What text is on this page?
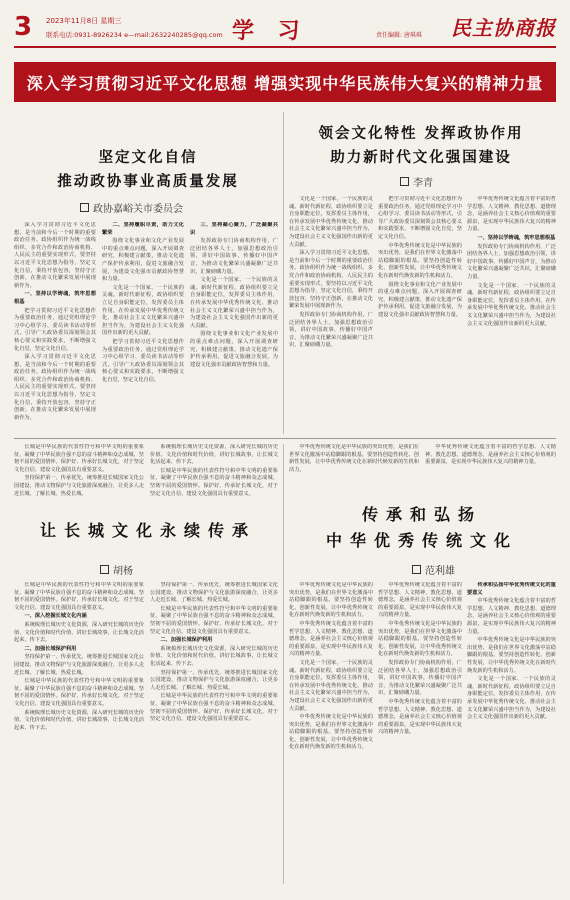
3 2023年11月8日 星期三
联系电话:0931-8926234 e—mail:2632240285@qq.com 学 习	责任编辑: 唐琪琪 民主协商报
深入学习贯彻习近平文化思想 增强实现中华民族伟大复兴的精神力量
坚定文化自信
推动政协事业高质量发展
政协嘉峪关市委员会
领会文化特性 发挥政协作用
助力新时代文化强国建设
李青

深入学习贯彻习近平文化思想，是当前和今后一个时期的重要政治任务。政协组织作为统一战线组织、多党合作和政治协商机构、人民民主的重要实现形式，要坚持以习近平文化思想为指导，坚定文化自信，秉持开放包容，坚持守正创新，在推动文化繁荣发展中展现新作为。

一、坚持以学铸魂，筑牢思想根基

把学习贯彻习近平文化思想作为重要政治任务，通过党组理论学习中心组学习、委员读书活动等形式，引导广大政协委员深刻领会其核心要义和实践要求，不断增强文化自觉，坚定文化自信。

深入学习贯彻习近平文化思想，是当前和今后一个时期的重要政治任务。政协组织作为统一战线组织、多党合作和政治协商机构、人民民主的重要实现形式，要坚持以习近平文化思想为指导，坚定文化自信，秉持开放包容，坚持守正创新，在推动文化繁荣发展中展现新作为。

二、坚持履职尽责，助力文化繁荣

围绕文化事业和文化产业发展中的重点难点问题，深入开展调查研究，积极建言献策，推动文化遗产保护传承利用，促进文旅融合发展，为建设文化强市贡献政协智慧和力量。

文化是一个国家、一个民族的灵魂。新时代新征程，政协组织要立足自身职能定位，发挥委员主体作用，在传承发展中华优秀传统文化、推动社会主义文化繁荣兴盛中担当作为，为建设社会主义文化强国作出新的更大贡献。

把学习贯彻习近平文化思想作为重要政治任务，通过党组理论学习中心组学习、委员读书活动等形式，引导广大政协委员深刻领会其核心要义和实践要求，不断增强文化自觉，坚定文化自信。

三、坚持凝心聚力，广泛凝聚共识

发挥政协专门协商机构作用，广泛团结各界人士，加强思想政治引领，讲好中国故事，传播好中国声音，为推动文化繁荣兴盛凝聚广泛共识，汇聚磅礴力量。

文化是一个国家、一个民族的灵魂。新时代新征程，政协组织要立足自身职能定位，发挥委员主体作用，在传承发展中华优秀传统文化、推动社会主义文化繁荣兴盛中担当作为，为建设社会主义文化强国作出新的更大贡献。

围绕文化事业和文化产业发展中的重点难点问题，深入开展调查研究，积极建言献策，推动文化遗产保护传承利用，促进文旅融合发展，为建设文化强市贡献政协智慧和力量。

文化是一个国家、一个民族的灵魂。新时代新征程，政协组织要立足自身职能定位，发挥委员主体作用，在传承发展中华优秀传统文化、推动社会主义文化繁荣兴盛中担当作为，为建设社会主义文化强国作出新的更大贡献。

深入学习贯彻习近平文化思想，是当前和今后一个时期的重要政治任务。政协组织作为统一战线组织、多党合作和政治协商机构、人民民主的重要实现形式，要坚持以习近平文化思想为指导，坚定文化自信，秉持开放包容，坚持守正创新，在推动文化繁荣发展中展现新作为。

发挥政协专门协商机构作用，广泛团结各界人士，加强思想政治引领，讲好中国故事，传播好中国声音，为推动文化繁荣兴盛凝聚广泛共识，汇聚磅礴力量。

把学习贯彻习近平文化思想作为重要政治任务，通过党组理论学习中心组学习、委员读书活动等形式，引导广大政协委员深刻领会其核心要义和实践要求，不断增强文化自觉，坚定文化自信。

中华优秀传统文化是中华民族的突出优势，是我们在世界文化激荡中站稳脚跟的根基。要坚持创造性转化、创新性发展，让中华优秀传统文化在新时代焕发新的生机和活力。

围绕文化事业和文化产业发展中的重点难点问题，深入开展调查研究，积极建言献策，推动文化遗产保护传承利用，促进文旅融合发展，为建设文化强市贡献政协智慧和力量。

中华优秀传统文化蕴含着丰富的哲学思想、人文精神、教化思想、道德理念，是涵养社会主义核心价值观的重要源泉，是实现中华民族伟大复兴的精神力量。

一、坚持以学铸魂，筑牢思想根基

发挥政协专门协商机构作用，广泛团结各界人士，加强思想政治引领，讲好中国故事，传播好中国声音，为推动文化繁荣兴盛凝聚广泛共识，汇聚磅礴力量。

文化是一个国家、一个民族的灵魂。新时代新征程，政协组织要立足自身职能定位，发挥委员主体作用，在传承发展中华优秀传统文化、推动社会主义文化繁荣兴盛中担当作为，为建设社会主义文化强国作出新的更大贡献。

让长城文化永续传承
胡杨

长城是中华民族的代表性符号和中华文明的重要象征，凝聚了中华民族自强不息的奋斗精神和众志成城、坚韧不屈的爱国情怀。保护好、传承好长城文化，对于坚定文化自信、建设文化强国具有重要意义。

坚持保护第一、传承优先，统筹推进长城国家文化公园建设，推动文物保护与文化旅游深度融合，让更多人走近长城、了解长城、热爱长城。

系统梳理长城历史文化资源，深入研究长城的历史价值、文化价值和时代价值，讲好长城故事，让长城文化活起来、传下去。

长城是中华民族的代表性符号和中华文明的重要象征，凝聚了中华民族自强不息的奋斗精神和众志成城、坚韧不屈的爱国情怀。保护好、传承好长城文化，对于坚定文化自信、建设文化强国具有重要意义。

长城是中华民族的代表性符号和中华文明的重要象征，凝聚了中华民族自强不息的奋斗精神和众志成城、坚韧不屈的爱国情怀。保护好、传承好长城文化，对于坚定文化自信、建设文化强国具有重要意义。

一、深入挖掘长城文化内涵

系统梳理长城历史文化资源，深入研究长城的历史价值、文化价值和时代价值，讲好长城故事，让长城文化活起来、传下去。

二、加强长城保护利用

坚持保护第一、传承优先，统筹推进长城国家文化公园建设，推动文物保护与文化旅游深度融合，让更多人走近长城、了解长城、热爱长城。

长城是中华民族的代表性符号和中华文明的重要象征，凝聚了中华民族自强不息的奋斗精神和众志成城、坚韧不屈的爱国情怀。保护好、传承好长城文化，对于坚定文化自信、建设文化强国具有重要意义。

系统梳理长城历史文化资源，深入研究长城的历史价值、文化价值和时代价值，讲好长城故事，让长城文化活起来、传下去。

坚持保护第一、传承优先，统筹推进长城国家文化公园建设，推动文物保护与文化旅游深度融合，让更多人走近长城、了解长城、热爱长城。

长城是中华民族的代表性符号和中华文明的重要象征，凝聚了中华民族自强不息的奋斗精神和众志成城、坚韧不屈的爱国情怀。保护好、传承好长城文化，对于坚定文化自信、建设文化强国具有重要意义。

二、加强长城保护利用

系统梳理长城历史文化资源，深入研究长城的历史价值、文化价值和时代价值，讲好长城故事，让长城文化活起来、传下去。

坚持保护第一、传承优先，统筹推进长城国家文化公园建设，推动文物保护与文化旅游深度融合，让更多人走近长城、了解长城、热爱长城。

长城是中华民族的代表性符号和中华文明的重要象征，凝聚了中华民族自强不息的奋斗精神和众志成城、坚韧不屈的爱国情怀。保护好、传承好长城文化，对于坚定文化自信、建设文化强国具有重要意义。

传承和弘扬
中华优秀传统文化
范利雄

中华优秀传统文化是中华民族的突出优势，是我们在世界文化激荡中站稳脚跟的根基。要坚持创造性转化、创新性发展，让中华优秀传统文化在新时代焕发新的生机和活力。

中华优秀传统文化蕴含着丰富的哲学思想、人文精神、教化思想、道德理念，是涵养社会主义核心价值观的重要源泉，是实现中华民族伟大复兴的精神力量。

中华优秀传统文化是中华民族的突出优势，是我们在世界文化激荡中站稳脚跟的根基。要坚持创造性转化、创新性发展，让中华优秀传统文化在新时代焕发新的生机和活力。

中华优秀传统文化蕴含着丰富的哲学思想、人文精神、教化思想、道德理念，是涵养社会主义核心价值观的重要源泉，是实现中华民族伟大复兴的精神力量。

文化是一个国家、一个民族的灵魂。新时代新征程，政协组织要立足自身职能定位，发挥委员主体作用，在传承发展中华优秀传统文化、推动社会主义文化繁荣兴盛中担当作为，为建设社会主义文化强国作出新的更大贡献。

中华优秀传统文化是中华民族的突出优势，是我们在世界文化激荡中站稳脚跟的根基。要坚持创造性转化、创新性发展，让中华优秀传统文化在新时代焕发新的生机和活力。

中华优秀传统文化蕴含着丰富的哲学思想、人文精神、教化思想、道德理念，是涵养社会主义核心价值观的重要源泉，是实现中华民族伟大复兴的精神力量。

中华优秀传统文化是中华民族的突出优势，是我们在世界文化激荡中站稳脚跟的根基。要坚持创造性转化、创新性发展，让中华优秀传统文化在新时代焕发新的生机和活力。

发挥政协专门协商机构作用，广泛团结各界人士，加强思想政治引领，讲好中国故事，传播好中国声音，为推动文化繁荣兴盛凝聚广泛共识，汇聚磅礴力量。

中华优秀传统文化蕴含着丰富的哲学思想、人文精神、教化思想、道德理念，是涵养社会主义核心价值观的重要源泉，是实现中华民族伟大复兴的精神力量。

传承和弘扬中华优秀传统文化的重要意义

中华优秀传统文化蕴含着丰富的哲学思想、人文精神、教化思想、道德理念，是涵养社会主义核心价值观的重要源泉，是实现中华民族伟大复兴的精神力量。

中华优秀传统文化是中华民族的突出优势，是我们在世界文化激荡中站稳脚跟的根基。要坚持创造性转化、创新性发展，让中华优秀传统文化在新时代焕发新的生机和活力。

文化是一个国家、一个民族的灵魂。新时代新征程，政协组织要立足自身职能定位，发挥委员主体作用，在传承发展中华优秀传统文化、推动社会主义文化繁荣兴盛中担当作为，为建设社会主义文化强国作出新的更大贡献。
